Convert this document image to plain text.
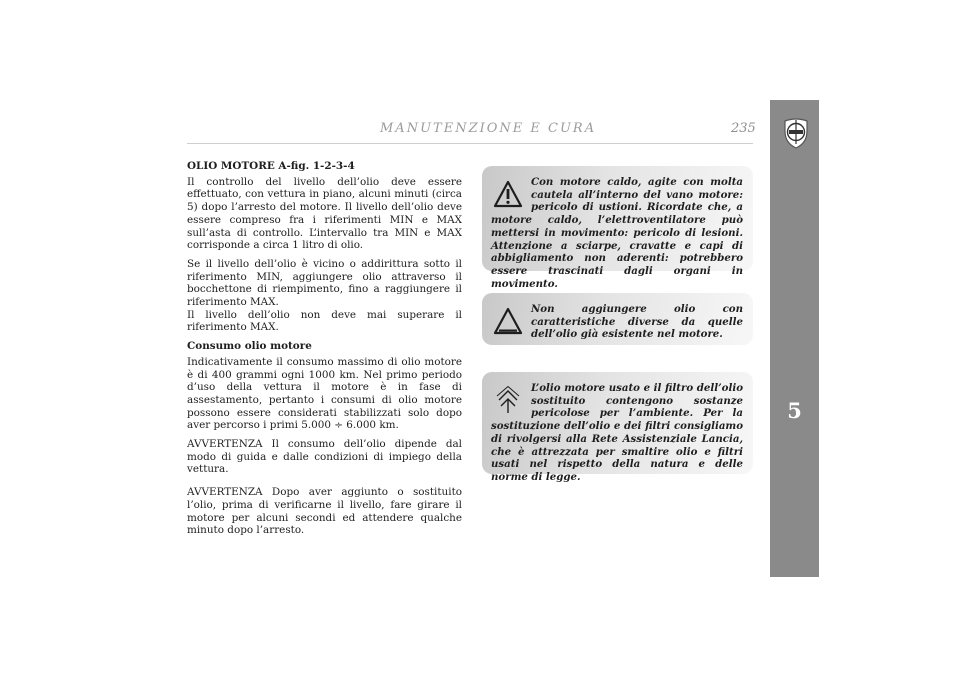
MANUTENZIONE E CURA	235
5

OLIO MOTORE A-fig. 1-2-3-4

Il controllo del livello dell’olio deve essere effettuato, con vettura in piano, alcuni minuti (circa 5) dopo l’arresto del motore. Il livello dell’olio deve essere compreso fra i riferimenti MIN e MAX sull’asta di controllo. L’intervallo tra MIN e MAX corrisponde a circa 1 litro di olio.

Se il livello dell’olio è vicino o addirittura sotto il riferimento MIN, aggiungere olio attraverso il bocchettone di riempimento, fino a raggiungere il riferimento MAX.

Il livello dell’olio non deve mai superare il riferimento MAX.

Consumo olio motore

Indicativamente il consumo massimo di olio motore è di 400 grammi ogni 1000 km. Nel primo periodo d’uso della vettura il motore è in fase di assestamento, pertanto i consumi di olio motore possono essere considerati stabilizzati solo dopo aver percorso i primi 5.000 ÷ 6.000 km.

AVVERTENZA Il consumo dell’olio dipende dal modo di guida e dalle condizioni di impiego della vettura.

AVVERTENZA Dopo aver aggiunto o sostituito l’olio, prima di verificarne il livello, fare girare il motore per alcuni secondi ed attendere qualche minuto dopo l’arresto.

Con motore caldo, agite con molta cautela all’interno del vano motore: pericolo di ustioni. Ricordate che, a motore caldo, l’elettroventilatore può mettersi in movimento: pericolo di lesioni. Attenzione a sciarpe, cravatte e capi di abbigliamento non aderenti: potrebbero essere trascinati dagli organi in movimento.
Non aggiungere olio con caratteristiche diverse da quelle dell’olio già esistente nel motore.
L’olio motore usato e il filtro dell’olio sostituito contengono sostanze pericolose per l’ambiente. Per la sostituzione dell’olio e dei filtri consigliamo di rivolgersi alla Rete Assistenziale Lancia, che è attrezzata per smaltire olio e filtri usati nel rispetto della natura e delle norme di legge.
